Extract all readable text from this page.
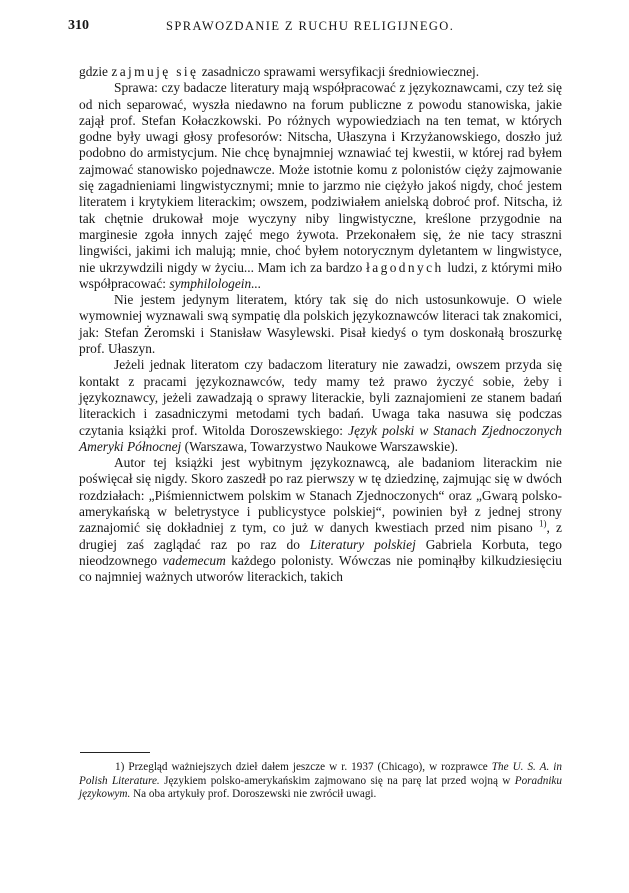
310	SPRAWOZDANIE Z RUCHU RELIGIJNEGO.

gdzie zajmuję się zasadniczo sprawami wersyfikacji średniowiecznej.

Sprawa: czy badacze literatury mają współpracować z językoznawcami, czy też się od nich separować, wyszła niedawno na forum publiczne z powodu stanowiska, jakie zajął prof. Stefan Kołaczkowski. Po różnych wypowiedziach na ten temat, w których godne były uwagi głosy profesorów: Nitscha, Ułaszyna i Krzyżanowskiego, doszło już podobno do armistycjum. Nie chcę bynajmniej wznawiać tej kwestii, w której rad byłem zajmować stanowisko pojednawcze. Może istotnie komu z polonistów cięży zajmowanie się zagadnieniami lingwistycznymi; mnie to jarzmo nie ciężyło jakoś nigdy, choć jestem literatem i krytykiem literackim; owszem, podziwiałem anielską dobroć prof. Nitscha, iż tak chętnie drukował moje wyczyny niby lingwistyczne, kreślone przygodnie na marginesie zgoła innych zajęć mego żywota. Przekonałem się, że nie tacy straszni lingwiści, jakimi ich malują; mnie, choć byłem notorycznym dyletantem w lingwistyce, nie ukrzywdzili nigdy w życiu... Mam ich za bardzo łagodnych ludzi, z którymi miło współpracować: symphilologein...

Nie jestem jedynym literatem, który tak się do nich ustosunkowuje. O wiele wymowniej wyznawali swą sympatię dla polskich językoznawców literaci tak znakomici, jak: Stefan Żeromski i Stanisław Wasylewski. Pisał kiedyś o tym doskonałą broszurkę prof. Ułaszyn.

Jeżeli jednak literatom czy badaczom literatury nie zawadzi, owszem przyda się kontakt z pracami językoznawców, tedy mamy też prawo życzyć sobie, żeby i językoznawcy, jeżeli zawadzają o sprawy literackie, byli zaznajomieni ze stanem badań literackich i zasadniczymi metodami tych badań. Uwaga taka nasuwa się podczas czytania książki prof. Witolda Doroszewskiego: Język polski w Stanach Zjednoczonych Ameryki Północnej (Warszawa, Towarzystwo Naukowe Warszawskie).

Autor tej książki jest wybitnym językoznawcą, ale badaniom literackim nie poświęcał się nigdy. Skoro zaszedł po raz pierwszy w tę dziedzinę, zajmując się w dwóch rozdziałach: „Piśmiennictwem polskim w Stanach Zjednoczonych“ oraz „Gwarą polsko-amerykańską w beletrystyce i publicystyce polskiej“, powinien był z jednej strony zaznajomić się dokładniej z tym, co już w danych kwestiach przed nim pisano $^{1)}$, z drugiej zaś zaglądać raz po raz do Literatury polskiej Gabriela Korbuta, tego nieodzownego vademecum każdego polonisty. Wówczas nie pominąłby kilkudziesięciu co najmniej ważnych utworów literackich, takich

1) Przegląd ważniejszych dzieł dałem jeszcze w r. 1937 (Chicago), w rozprawce The U. S. A. in Polish Literature. Językiem polsko-amerykańskim zajmowano się na parę lat przed wojną w Poradniku językowym. Na oba artykuły prof. Doroszewski nie zwrócił uwagi.
